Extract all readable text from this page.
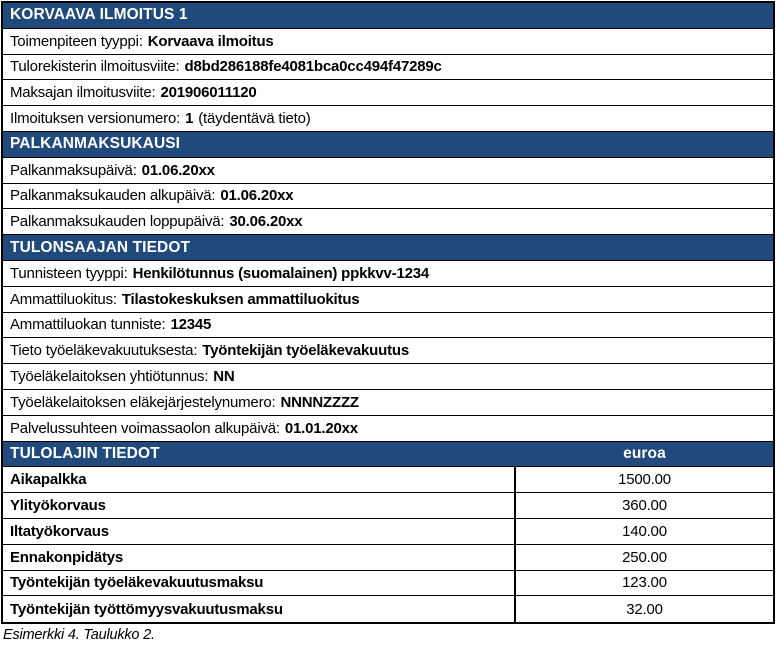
KORVAAVA ILMOITUS 1
Toimenpiteen tyyppi: Korvaava ilmoitus
Tulorekisterin ilmoitusviite: d8bd286188fe4081bca0cc494f47289c
Maksajan ilmoitusviite: 201906011120
Ilmoituksen versionumero: 1 (täydentävä tieto)
PALKANMAKSUKAUSI
Palkanmaksupäivä: 01.06.20xx
Palkanmaksukauden alkupäivä: 01.06.20xx
Palkanmaksukauden loppupäivä: 30.06.20xx
TULONSAAJAN TIEDOT
Tunnisteen tyyppi: Henkilötunnus (suomalainen) ppkkvv-1234
Ammattiluokitus: Tilastokeskuksen ammattiluokitus
Ammattiluokan tunniste: 12345
Tieto työeläkevakuutuksesta: Työntekijän työeläkevakuutus
Työeläkelaitoksen yhtiötunnus: NN
Työeläkelaitoksen eläkejärjestelynumero: NNNNZZZZ
Palvelussuhteen voimassaolon alkupäivä: 01.01.20xx
TULOLAJIN TIEDOT	euroa
Aikapalkka	1500.00
Ylityökorvaus	360.00
Iltatyökorvaus	140.00
Ennakonpidätys	250.00
Työntekijän työeläkevakuutusmaksu	123.00
Työntekijän työttömyysvakuutusmaksu	32.00
Esimerkki 4. Taulukko 2.
